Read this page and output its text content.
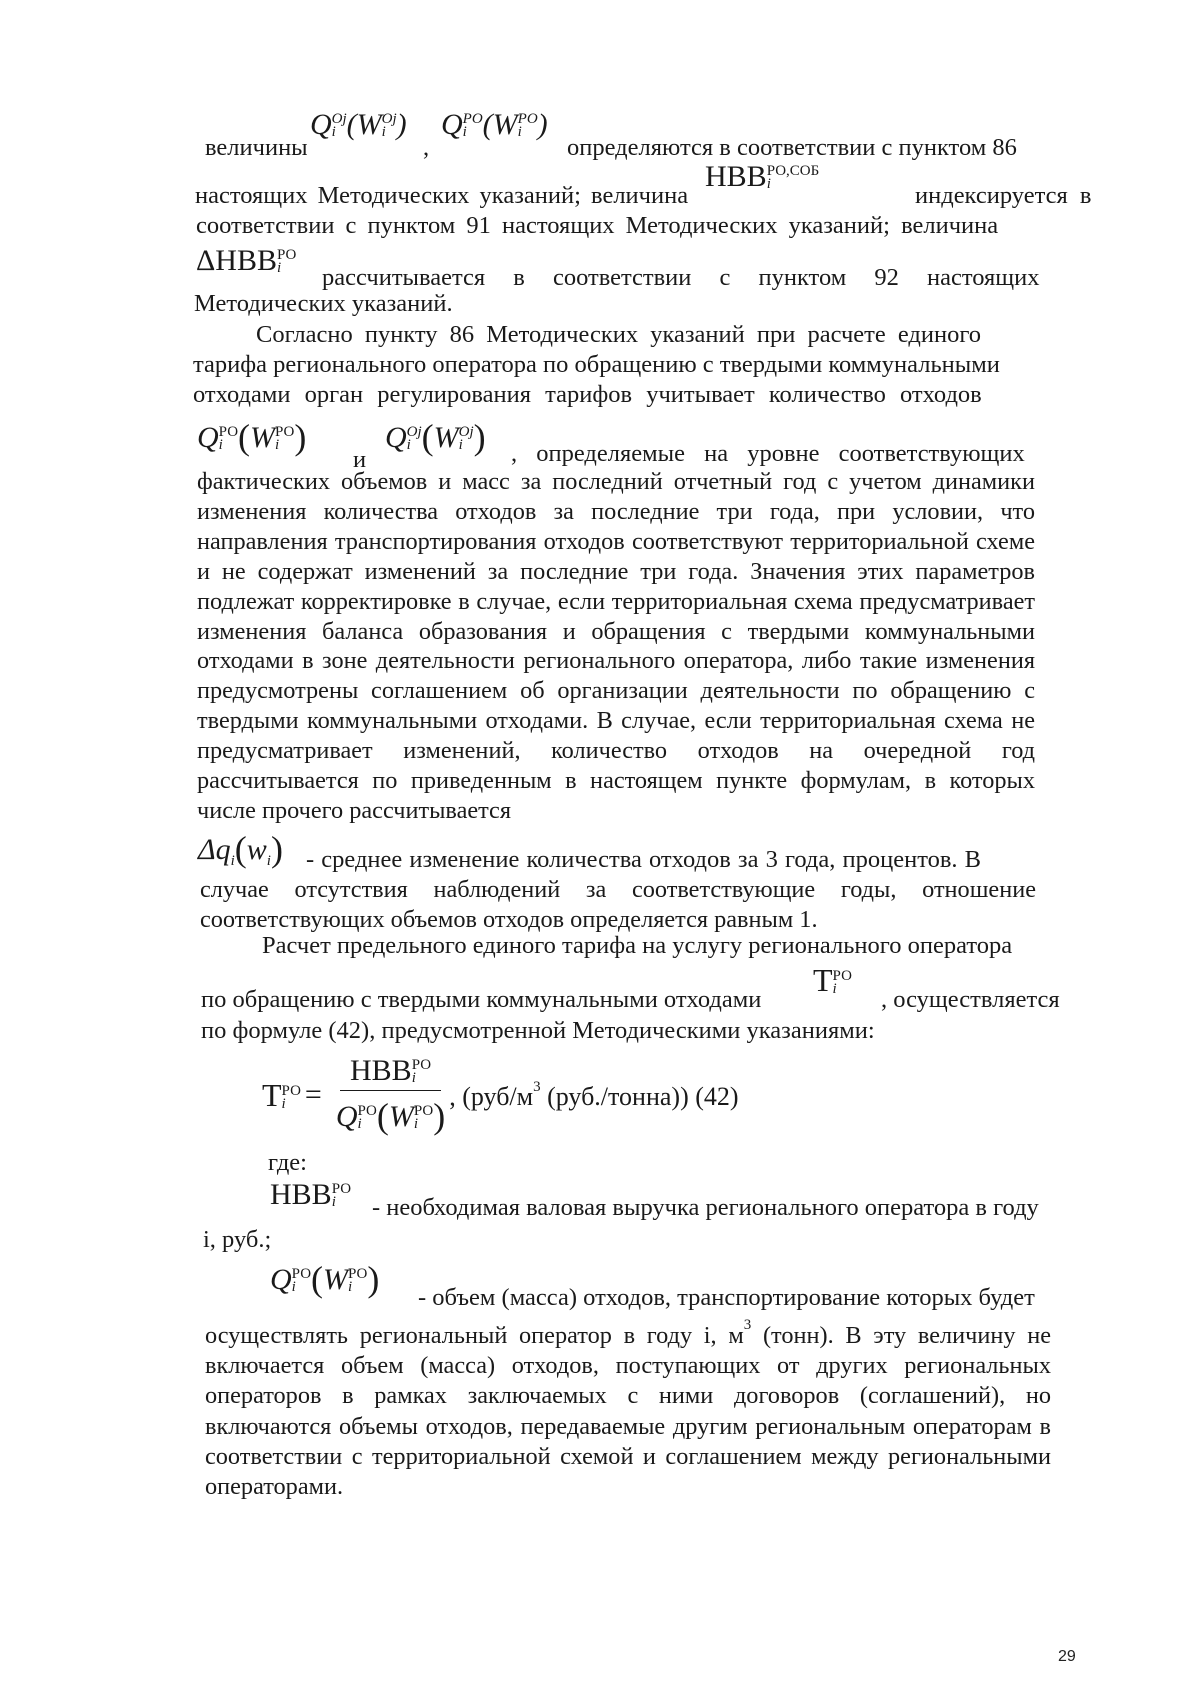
величины
Q Oj
i (W Oj
i )
,
Q PO
i (W PO
i )
определяются в соответствии с пунктом 86
настоящих Методических указаний; величина
НВВ РО,СОБ
i	индексируется в
соответствии с пунктом 91 настоящих Методических указаний; величина
ΔНВВ РО
i	рассчитывается в соответствии с пунктом 92 настоящих
Методических указаний.
Согласно пункту 86 Методических указаний при расчете единого
тарифа регионального оператора по обращению с твердыми коммунальными
отходами орган регулирования тарифов учитывает количество отходов
Q РО
i (W РО
i )
и
Q Oj
i (W Oj
i ) , определяемые на уровне соответствующих
фактических объемов и масс за последний отчетный год с учетом динамики изменения количества отходов за последние три года, при условии, что направления транспортирования отходов соответствуют территориальной схеме и не содержат изменений за последние три года. Значения этих параметров подлежат корректировке в случае, если территориальная схема предусматривает изменения баланса образования и обращения с твердыми коммунальными отходами в зоне деятельности регионального оператора, либо такие изменения предусмотрены соглашением об организации деятельности по обращению с твердыми коммунальными отходами. В случае, если территориальная схема не предусматривает изменений, количество отходов на очередной год рассчитывается по приведенным в настоящем пункте формулам, в которых числе прочего рассчитывается
$\Delta q_i(w_i)$ - среднее изменение количества отходов за 3 года, процентов. В
случае отсутствия наблюдений за соответствующие годы, отношение соответствующих объемов отходов определяется равным 1.
Расчет предельного единого тарифа на услугу регионального оператора
по обращению с твердыми коммунальными отходами
Т РО
i	, осуществляется
по формуле (42), предусмотренной Методическими указаниями:
Т РО
i = НВВ РО
i
Q РО
i (W РО
i ) , ($руб/м^3$ (руб./тонна)) (42)
где:
НВВ РО
i	- необходимая валовая выручка регионального оператора в году
i, руб.;
Q РО
i (W РО
i ) - объем (масса) отходов, транспортирование которых будет
осуществлять региональный оператор в году i, $м^3$ (тонн). В эту величину не включается объем (масса) отходов, поступающих от других региональных операторов в рамках заключаемых с ними договоров (соглашений), но включаются объемы отходов, передаваемые другим региональным операторам в соответствии с территориальной схемой и соглашением между региональными операторами.
29
